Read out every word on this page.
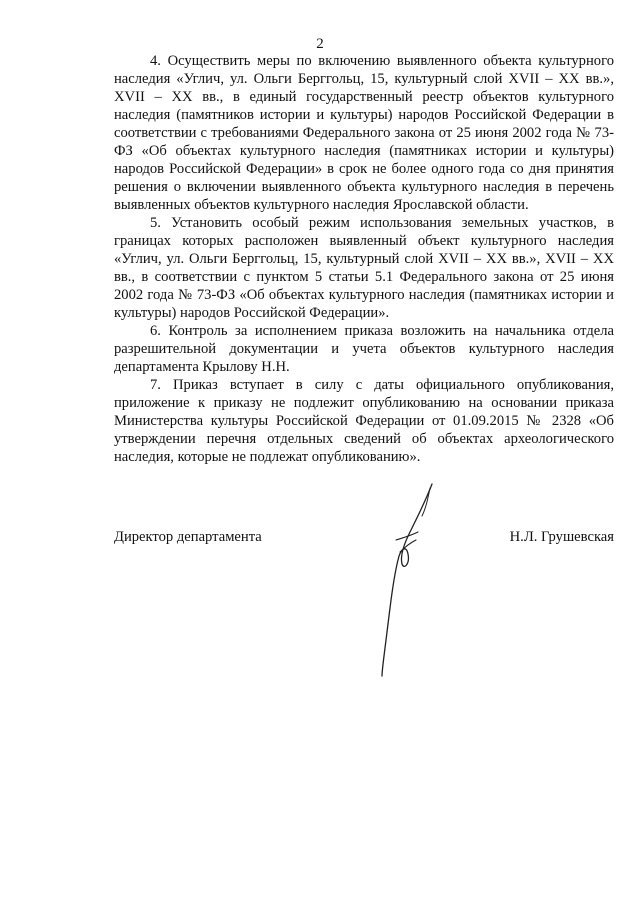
2

4. Осуществить меры по включению выявленного объекта культурного наследия «Углич, ул. Ольги Берггольц, 15, культурный слой XVII – XX вв.», XVII – XX вв., в единый государственный реестр объектов культурного наследия (памятников истории и культуры) народов Российской Федерации в соответствии с требованиями Федерального закона от 25 июня 2002 года № 73-ФЗ «Об объектах культурного наследия (памятниках истории и культуры) народов Российской Федерации» в срок не более одного года со дня принятия решения о включении выявленного объекта культурного наследия в перечень выявленных объектов культурного наследия Ярославской области.

5. Установить особый режим использования земельных участков, в границах которых расположен выявленный объект культурного наследия «Углич, ул. Ольги Берггольц, 15, культурный слой XVII – XX вв.», XVII – XX вв., в соответствии с пунктом 5 статьи 5.1 Федерального закона от 25 июня 2002 года № 73-ФЗ «Об объектах культурного наследия (памятниках истории и культуры) народов Российской Федерации».

6. Контроль за исполнением приказа возложить на начальника отдела разрешительной документации и учета объектов культурного наследия департамента Крылову Н.Н.

7. Приказ вступает в силу с даты официального опубликования, приложение к приказу не подлежит опубликованию на основании приказа Министерства культуры Российской Федерации от 01.09.2015 № 2328 «Об утверждении перечня отдельных сведений об объектах археологического наследия, которые не подлежат опубликованию».

Директор департамента	Н.Л. Грушевская
